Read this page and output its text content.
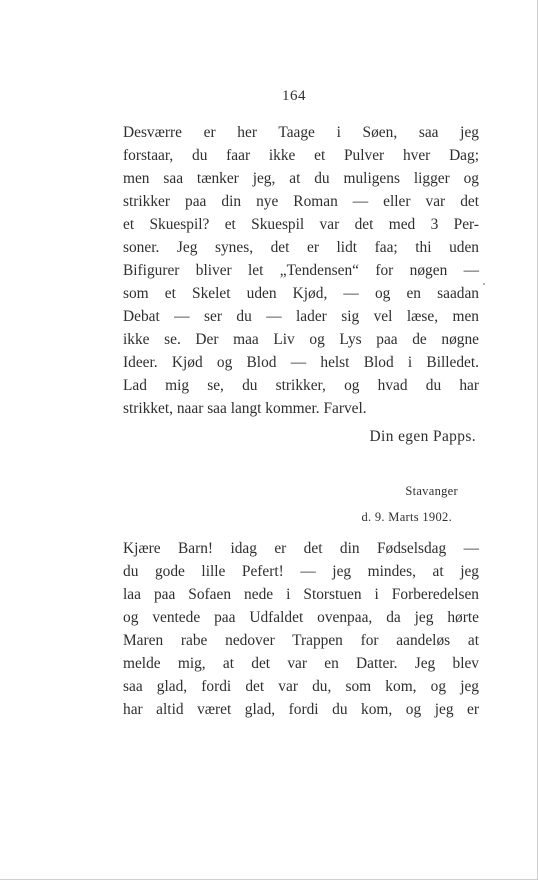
164
Desværre er her Taage i Søen, saa jeg
forstaar, du faar ikke et Pulver hver Dag;
men saa tænker jeg, at du muligens ligger og
strikker paa din nye Roman — eller var det
et Skuespil? et Skuespil var det med 3 Per-
soner. Jeg synes, det er lidt faa; thi uden
Bifigurer bliver let „Tendensen“ for nøgen —
som et Skelet uden Kjød, — og en saadan
Debat — ser du — lader sig vel læse, men
ikke se. Der maa Liv og Lys paa de nøgne
Ideer. Kjød og Blod — helst Blod i Billedet.
Lad mig se, du strikker, og hvad du har
strikket, naar saa langt kommer. Farvel.
Din egen Papps.
Stavanger
d. 9. Marts 1902.
Kjære Barn! idag er det din Fødselsdag —
du gode lille Pefert! — jeg mindes, at jeg
laa paa Sofaen nede i Storstuen i Forberedelsen
og ventede paa Udfaldet ovenpaa, da jeg hørte
Maren rabe nedover Trappen for aandeløs at
melde mig, at det var en Datter. Jeg blev
saa glad, fordi det var du, som kom, og jeg
har altid været glad, fordi du kom, og jeg er
